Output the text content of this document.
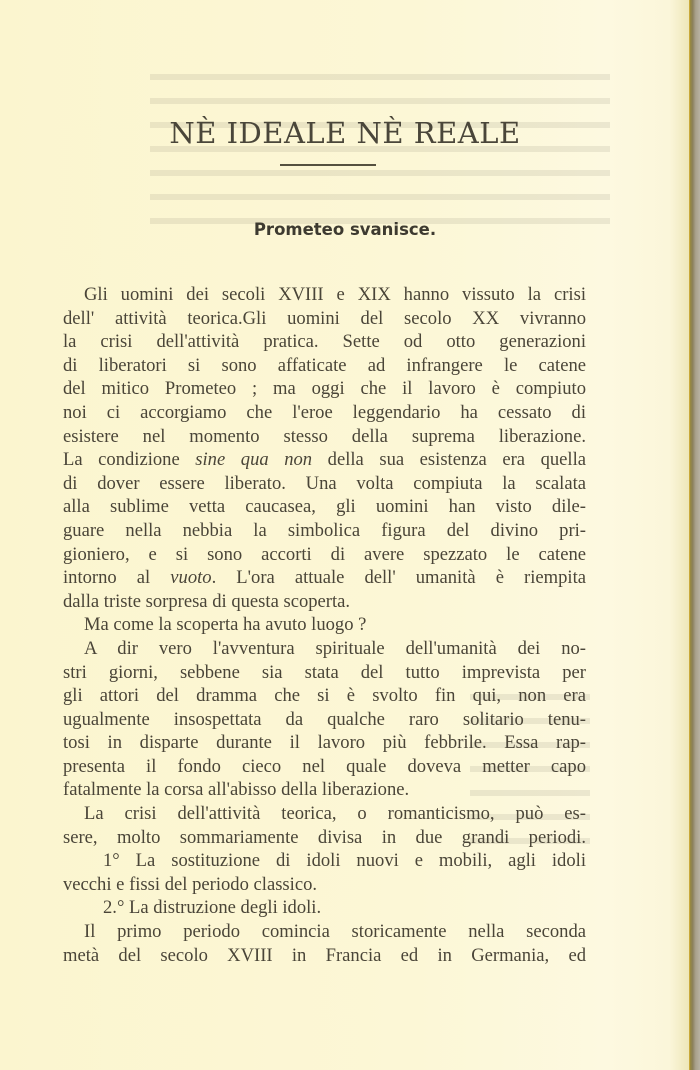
NÈ IDEALE NÈ REALE
Prometeo svanisce.
Gli uomini dei secoli XVIII e XIX hanno vissuto la crisi
dell' attività teorica.Gli uomini del secolo XX vivranno
la crisi dell'attività pratica. Sette od otto generazioni
di liberatori si sono affaticate ad infrangere le catene
del mitico Prometeo ; ma oggi che il lavoro è compiuto
noi ci accorgiamo che l'eroe leggendario ha cessato di
esistere nel momento stesso della suprema liberazione.
La condizione sine qua non della sua esistenza era quella
di dover essere liberato. Una volta compiuta la scalata
alla sublime vetta caucasea, gli uomini han visto dile-
guare nella nebbia la simbolica figura del divino pri-
gioniero, e si sono accorti di avere spezzato le catene
intorno al vuoto. L'ora attuale dell' umanità è riempita
dalla triste sorpresa di questa scoperta.
Ma come la scoperta ha avuto luogo ?
A dir vero l'avventura spirituale dell'umanità dei no-
stri giorni, sebbene sia stata del tutto imprevista per
gli attori del dramma che si è svolto fin qui, non era
ugualmente insospettata da qualche raro solitario tenu-
tosi in disparte durante il lavoro più febbrile. Essa rap-
presenta il fondo cieco nel quale doveva metter capo
fatalmente la corsa all'abisso della liberazione.
La crisi dell'attività teorica, o romanticismo, può es-
sere, molto sommariamente divisa in due grandi periodi.
1° La sostituzione di idoli nuovi e mobili, agli idoli
vecchi e fissi del periodo classico.
2.° La distruzione degli idoli.
Il primo periodo comincia storicamente nella seconda
metà del secolo XVIII in Francia ed in Germania, ed
